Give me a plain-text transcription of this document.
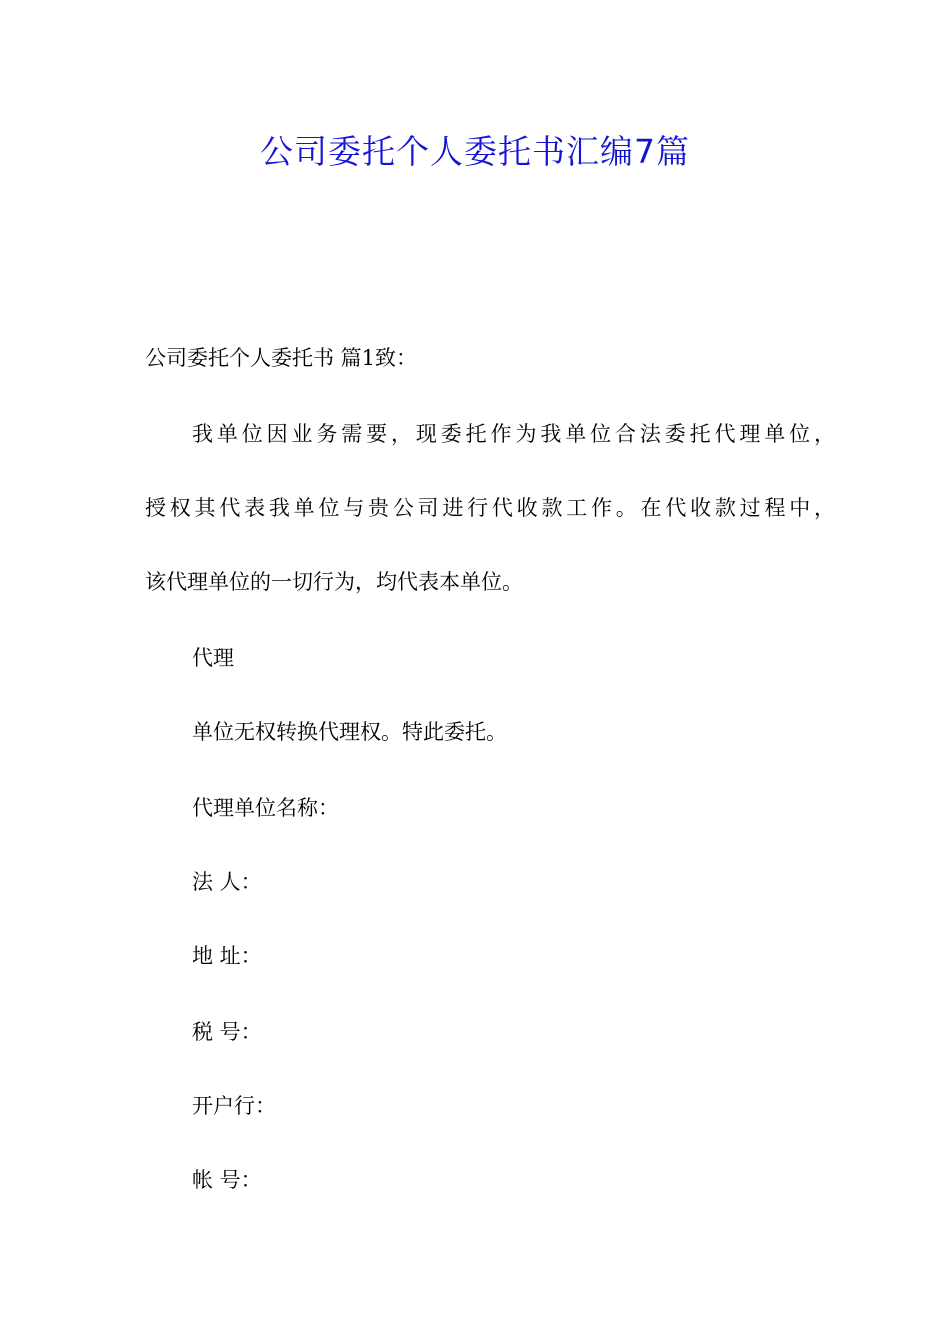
公司委托个人委托书汇编7篇

公司委托个人委托书 篇1致：

我单位因业务需要，现委托作为我单位合法委托代理单位，

授权其代表我单位与贵公司进行代收款工作。在代收款过程中，

该代理单位的一切行为，均代表本单位。

代理

单位无权转换代理权。特此委托。

代理单位名称：

法 人：

地 址：

税 号：

开户行：

帐 号：
